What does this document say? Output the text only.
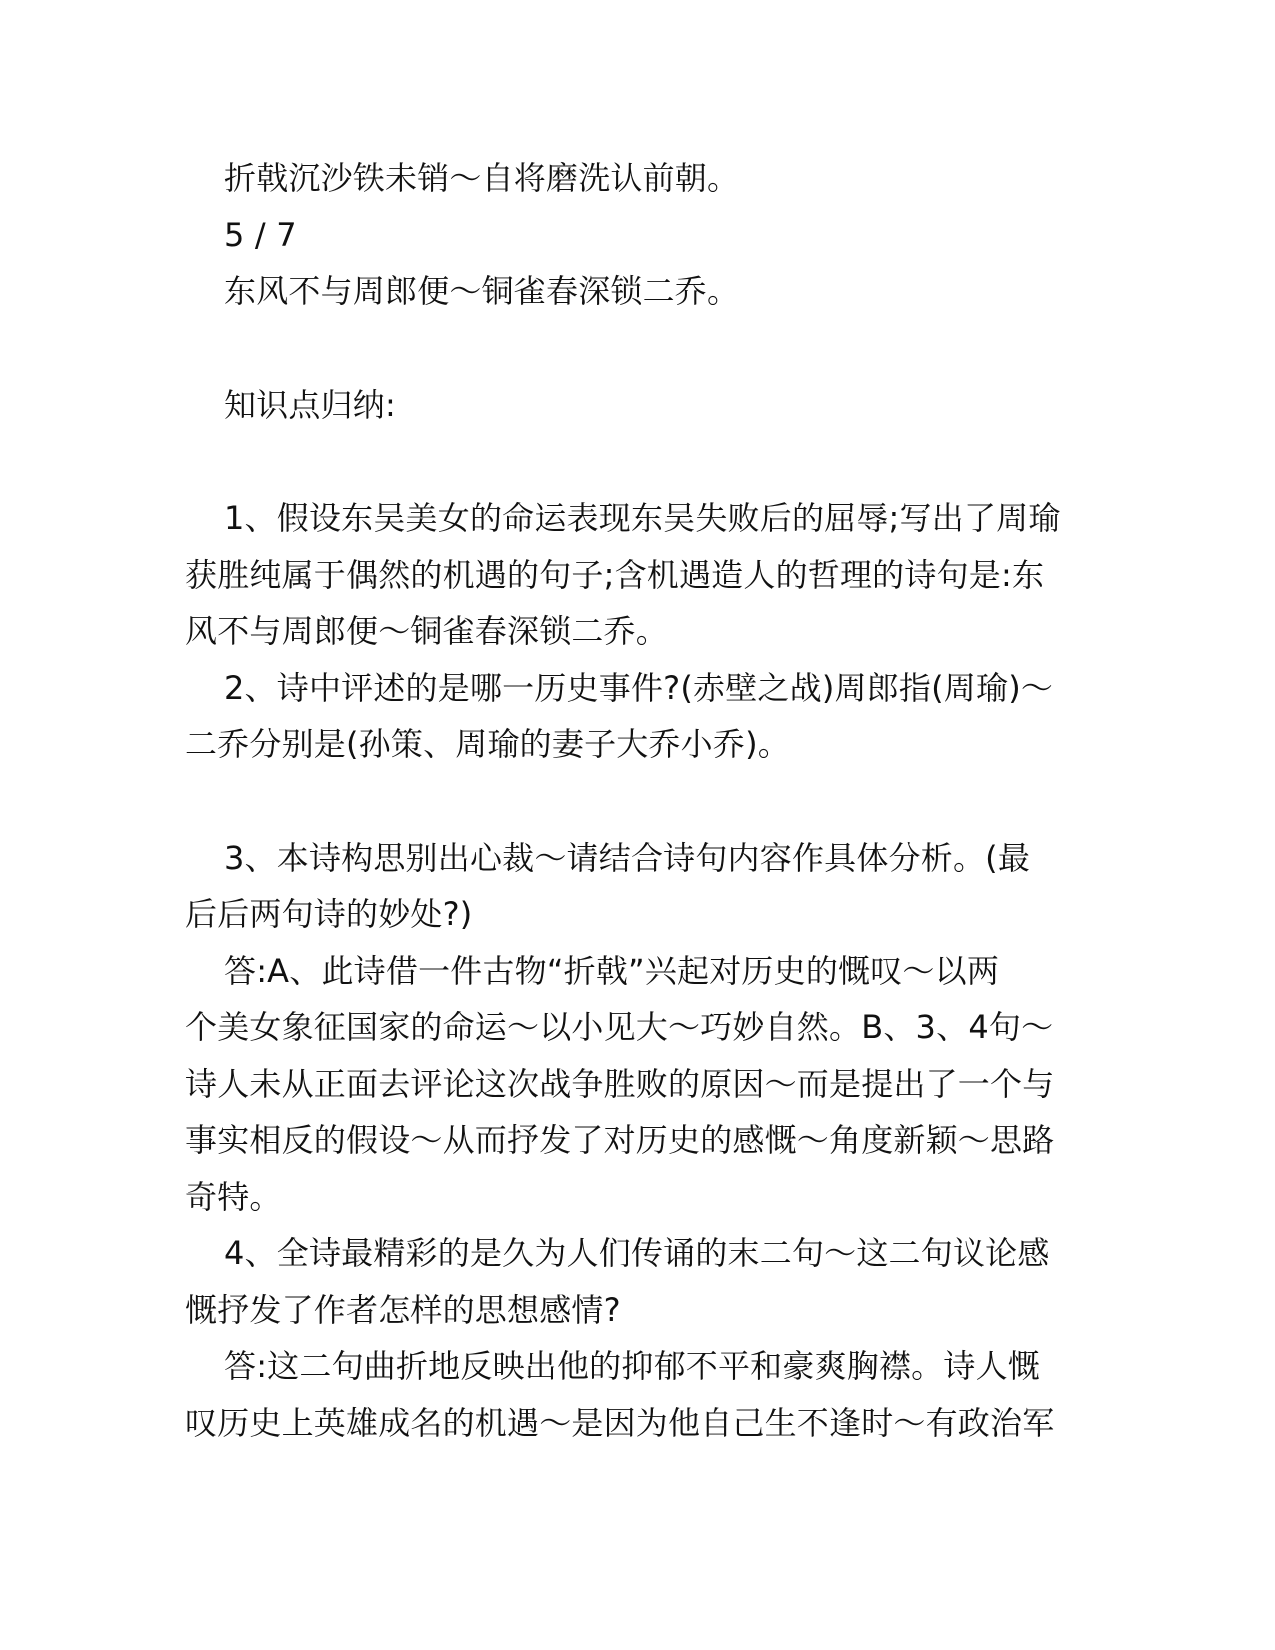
折戟沉沙铁未销～自将磨洗认前朝。
5 / 7
东风不与周郎便～铜雀春深锁二乔。
知识点归纳:
1、假设东吴美女的命运表现东吴失败后的屈辱;写出了周瑜
获胜纯属于偶然的机遇的句子;含机遇造人的哲理的诗句是:东
风不与周郎便～铜雀春深锁二乔。
2、诗中评述的是哪一历史事件?(赤壁之战)周郎指(周瑜)～
二乔分别是(孙策、周瑜的妻子大乔小乔)。
3、本诗构思别出心裁～请结合诗句内容作具体分析。(最
后后两句诗的妙处?)
答:A、此诗借一件古物“折戟”兴起对历史的慨叹～以两
个美女象征国家的命运～以小见大～巧妙自然。B、3、4句～
诗人未从正面去评论这次战争胜败的原因～而是提出了一个与
事实相反的假设～从而抒发了对历史的感慨～角度新颖～思路
奇特。
4、全诗最精彩的是久为人们传诵的末二句～这二句议论感
慨抒发了作者怎样的思想感情?
答:这二句曲折地反映出他的抑郁不平和豪爽胸襟。诗人慨
叹历史上英雄成名的机遇～是因为他自己生不逢时～有政治军
